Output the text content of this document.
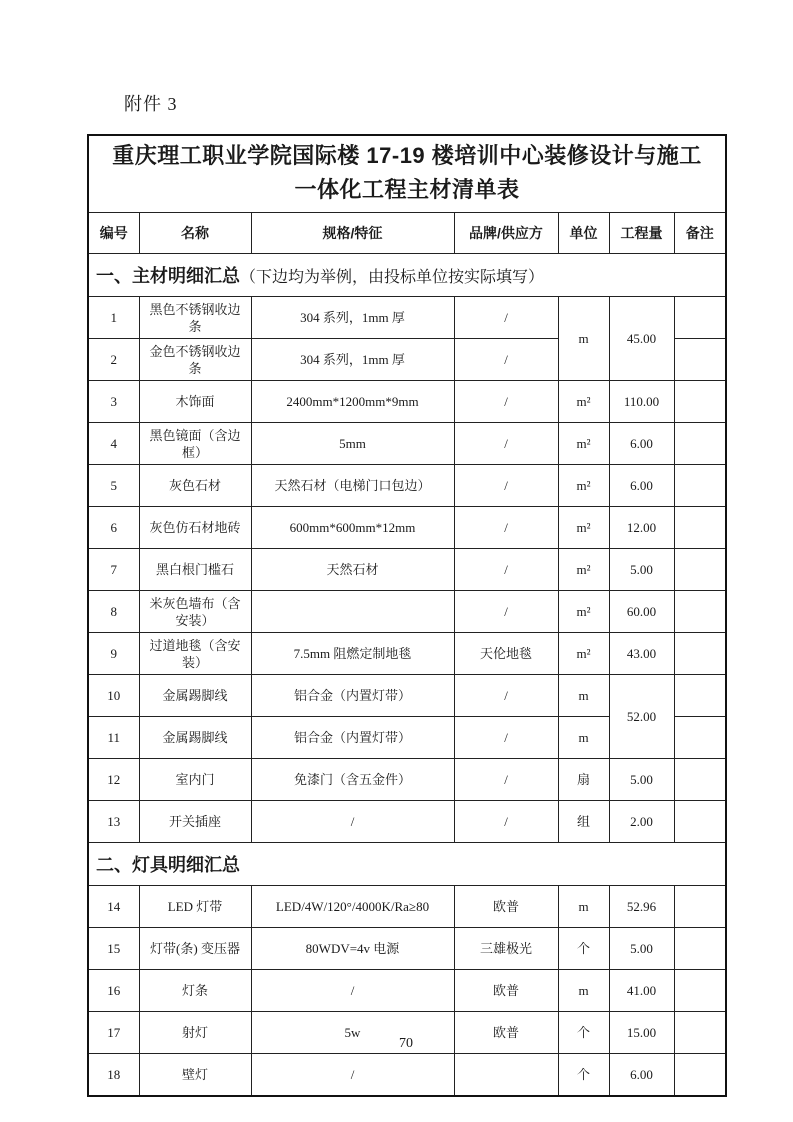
附件 3
重庆理工职业学院国际楼 17-19 楼培训中心装修设计与施工
一体化工程主材清单表						

编号	名称	规格/特征	品牌/供应方	单位	工程量	备注
一、主材明细汇总（下边均为举例，由投标单位按实际填写）						
1	黑色不锈钢收边条	304 系列，1mm 厚	/	m	45.00	
2	金色不锈钢收边条	304 系列，1mm 厚	/			
3	木饰面	2400mm*1200mm*9mm	/	m²	110.00	
4	黑色镜面（含边框）	5mm	/	m²	6.00	
5	灰色石材	天然石材（电梯门口包边）	/	m²	6.00	
6	灰色仿石材地砖	600mm*600mm*12mm	/	m²	12.00	
7	黑白根门槛石	天然石材	/	m²	5.00	
8	米灰色墙布（含安装）		/	m²	60.00	
9	过道地毯（含安装）	7.5mm 阻燃定制地毯	天伦地毯	m²	43.00	
10	金属踢脚线	铝合金（内置灯带）	/	m	52.00	
11	金属踢脚线	铝合金（内置灯带）	/	m		
12	室内门	免漆门（含五金件）	/	扇	5.00	
13	开关插座	/	/	组	2.00	
二、灯具明细汇总						
14	LED 灯带	LED/4W/120°/4000K/Ra≥80	欧普	m	52.96	
15	灯带(条) 变压器	80WDV=4v 电源	三雄极光	个	5.00	
16	灯条	/	欧普	m	41.00	
17	射灯	5w	欧普	个	15.00	
18	壁灯	/		个	6.00	
70
